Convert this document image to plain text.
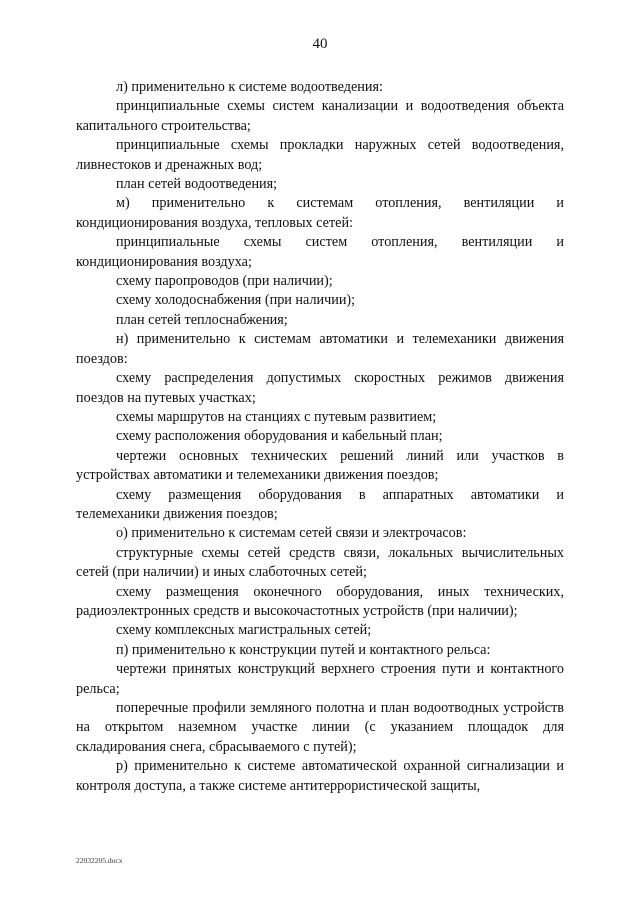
40

л) применительно к системе водоотведения:

принципиальные схемы систем канализации и водоотведения объекта капитального строительства;

принципиальные схемы прокладки наружных сетей водоотведения, ливнестоков и дренажных вод;

план сетей водоотведения;

м) применительно к системам отопления, вентиляции и кондиционирования воздуха, тепловых сетей:

принципиальные схемы систем отопления, вентиляции и кондиционирования воздуха;

схему паропроводов (при наличии);

схему холодоснабжения (при наличии);

план сетей теплоснабжения;

н) применительно к системам автоматики и телемеханики движения поездов:

схему распределения допустимых скоростных режимов движения поездов на путевых участках;

схемы маршрутов на станциях с путевым развитием;

схему расположения оборудования и кабельный план;

чертежи основных технических решений линий или участков в устройствах автоматики и телемеханики движения поездов;

схему размещения оборудования в аппаратных автоматики и телемеханики движения поездов;

о) применительно к системам сетей связи и электрочасов:

структурные схемы сетей средств связи, локальных вычислительных сетей (при наличии) и иных слаботочных сетей;

схему размещения оконечного оборудования, иных технических, радиоэлектронных средств и высокочастотных устройств (при наличии);

схему комплексных магистральных сетей;

п) применительно к конструкции путей и контактного рельса:

чертежи принятых конструкций верхнего строения пути и контактного рельса;

поперечные профили земляного полотна и план водоотводных устройств на открытом наземном участке линии (с указанием площадок для складирования снега, сбрасываемого с путей);

р) применительно к системе автоматической охранной сигнализации и контроля доступа, а также системе антитеррористической защиты,

22032205.docx
